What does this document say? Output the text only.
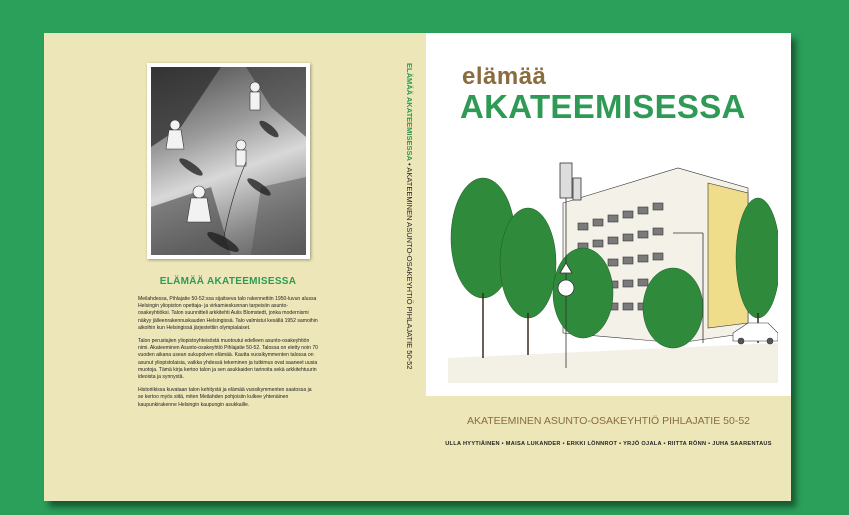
ELÄMÄÄ AKATEEMISESSA

Meilahdessa, Pihlajatie 50-52:ssa sijaitseva talo rakennettiin 1950-luvun alussa Helsingin yliopiston opettaja- ja virkamieskunnan tarpeisiin asunto-osakeyhtiöksi. Talon suunnitteli arkkitehti Aulis Blomstedt, jonka modernismi näkyy jälleenrakennuskauden Helsingissä. Talo valmistui kesällä 1952 samoihin aikoihin kun Helsingissä järjestettiin olympialaiset.

Talon perustajien yliopistoyhteisöstä muotoutui edelleen asunto-osakeyhtiön nimi. Akateeminen Asunto-osakeyhtiö Pihlajatie 50-52. Talossa on eletty noin 70 vuoden aikana usean sukupolven elämää. Kautta vuosikymmenten talossa on asunut yliopistolaisia, vaikka yhdessä tekeminen ja tutkimus ovat saaneet uusia muotoja. Tämä kirja kertoo talon ja sen asukkaiden tarinoita sekä arkkitehtuurin ideoista ja synnystä.

Historiikissa kuvataan talon kehitystä ja elämää vuosikymmenten saatossa ja se kertoo myös siitä, miten Meilahden pohjoisiin kulkee yhtenäinen kaupunkirakenne Helsingin kaupungin asukkaille.

ELÄMÄÄ AKATEEMISESSA • AKATEEMINEN ASUNTO-OSAKEYHTIÖ PIHLAJATIE 50-52
elämää
AKATEEMISESSA
AKATEEMINEN ASUNTO-OSAKEYHTIÖ PIHLAJATIE 50-52
ULLA HYYTIÄINEN • MAISA LUKANDER • ERKKI LÖNNROT • YRJÖ OJALA • RIITTA RÖNN • JUHA SAARENTAUS
